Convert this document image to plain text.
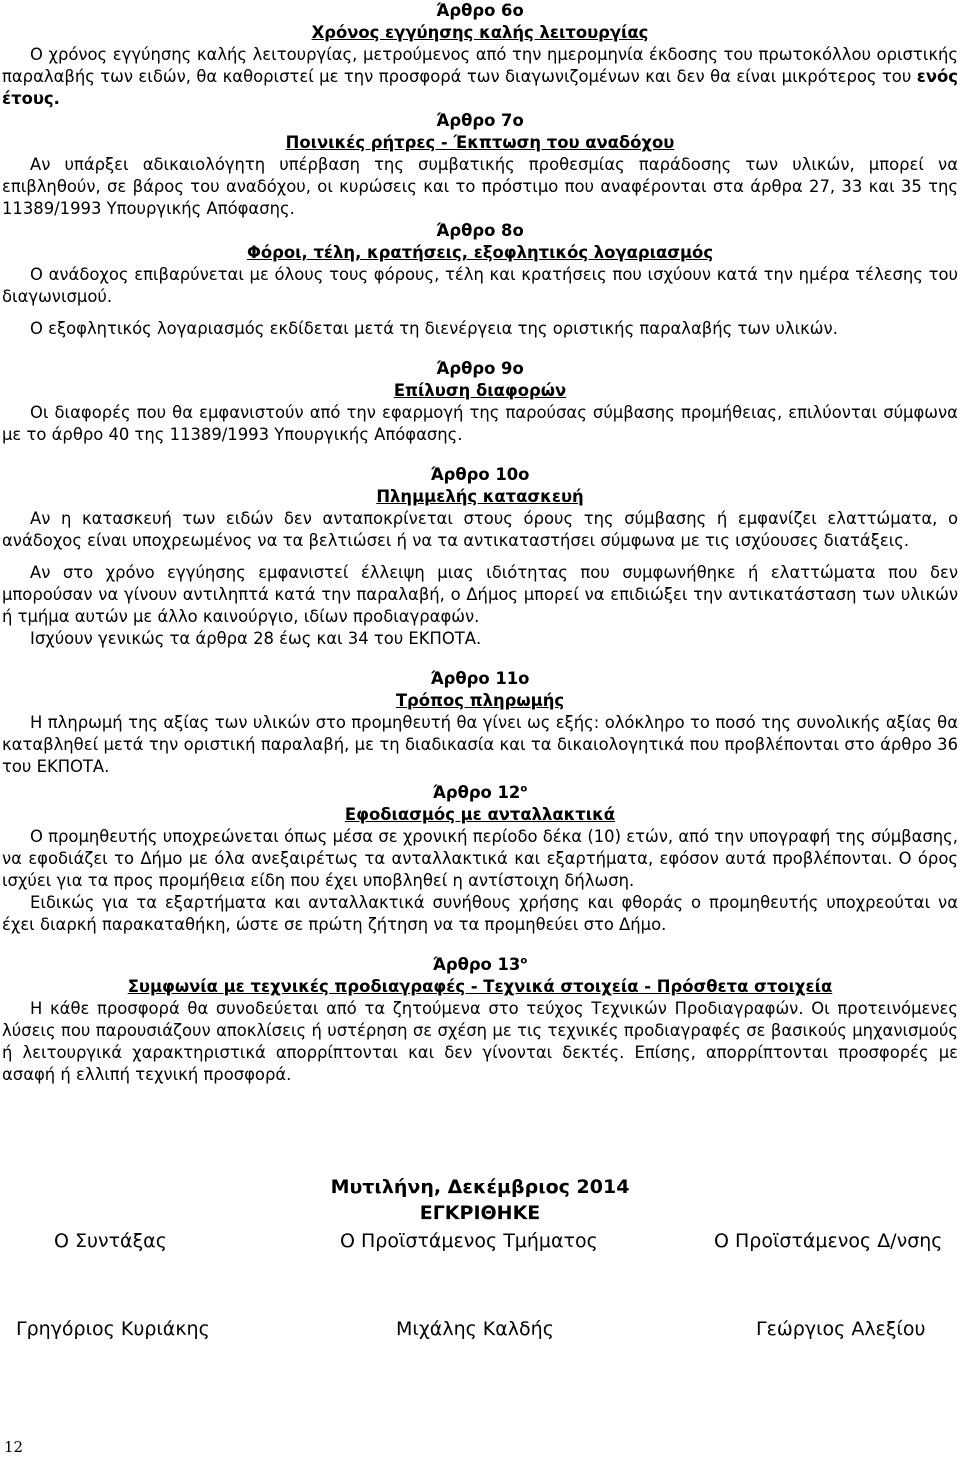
Άρθρο 6ο

Χρόνος εγγύησης καλής λειτουργίας

Ο χρόνος εγγύησης καλής λειτουργίας, μετρούμενος από την ημερομηνία έκδοσης του πρωτοκόλλου οριστικής παραλαβής των ειδών, θα καθοριστεί με την προσφορά των διαγωνιζομένων και δεν θα είναι μικρότερος του ενός έτους.

Άρθρο 7ο

Ποινικές ρήτρες - Έκπτωση του αναδόχου

Αν υπάρξει αδικαιολόγητη υπέρβαση της συμβατικής προθεσμίας παράδοσης των υλικών, μπορεί να επιβληθούν, σε βάρος του αναδόχου, οι κυρώσεις και το πρόστιμο που αναφέρονται στα άρθρα 27, 33 και 35 της 11389/1993 Υπουργικής Απόφασης.

Άρθρο 8ο

Φόροι, τέλη, κρατήσεις, εξοφλητικός λογαριασμός

Ο ανάδοχος επιβαρύνεται με όλους τους φόρους, τέλη και κρατήσεις που ισχύουν κατά την ημέρα τέλεσης του διαγωνισμού.

Ο εξοφλητικός λογαριασμός εκδίδεται μετά τη διενέργεια της οριστικής παραλαβής των υλικών.

Άρθρο 9ο

Επίλυση διαφορών

Οι διαφορές που θα εμφανιστούν από την εφαρμογή της παρούσας σύμβασης προμήθειας, επιλύονται σύμφωνα με το άρθρο 40 της 11389/1993 Υπουργικής Απόφασης.

Άρθρο 10ο

Πλημμελής κατασκευή

Αν η κατασκευή των ειδών δεν ανταποκρίνεται στους όρους της σύμβασης ή εμφανίζει ελαττώματα, ο ανάδοχος είναι υποχρεωμένος να τα βελτιώσει ή να τα αντικαταστήσει σύμφωνα με τις ισχύουσες διατάξεις.

Αν στο χρόνο εγγύησης εμφανιστεί έλλειψη μιας ιδιότητας που συμφωνήθηκε ή ελαττώματα που δεν μπορούσαν να γίνουν αντιληπτά κατά την παραλαβή, ο Δήμος μπορεί να επιδιώξει την αντικατάσταση των υλικών ή τμήμα αυτών με άλλο καινούργιο, ιδίων προδιαγραφών.

Ισχύουν γενικώς τα άρθρα 28 έως και 34 του ΕΚΠΟΤΑ.

Άρθρο 11ο

Τρόπος πληρωμής

Η πληρωμή της αξίας των υλικών στο προμηθευτή θα γίνει ως εξής: ολόκληρο το ποσό της συνολικής αξίας θα καταβληθεί μετά την οριστική παραλαβή, με τη διαδικασία και τα δικαιολογητικά που προβλέπονται στο άρθρο 36 του ΕΚΠΟΤΑ.

Άρθρο $12^o$

Εφοδιασμός με ανταλλακτικά

Ο προμηθευτής υποχρεώνεται όπως μέσα σε χρονική περίοδο δέκα (10) ετών, από την υπογραφή της σύμβασης, να εφοδιάζει το Δήμο με όλα ανεξαιρέτως τα ανταλλακτικά και εξαρτήματα, εφόσον αυτά προβλέπονται. Ο όρος ισχύει για τα προς προμήθεια είδη που έχει υποβληθεί η αντίστοιχη δήλωση.

Ειδικώς για τα εξαρτήματα και ανταλλακτικά συνήθους χρήσης και φθοράς ο προμηθευτής υποχρεούται να έχει διαρκή παρακαταθήκη, ώστε σε πρώτη ζήτηση να τα προμηθεύει στο Δήμο.

Άρθρο $13^o$

Συμφωνία με τεχνικές προδιαγραφές - Τεχνικά στοιχεία - Πρόσθετα στοιχεία

Η κάθε προσφορά θα συνοδεύεται από τα ζητούμενα στο τεύχος Τεχνικών Προδιαγραφών. Οι προτεινόμενες λύσεις που παρουσιάζουν αποκλίσεις ή υστέρηση σε σχέση με τις τεχνικές προδιαγραφές σε βασικούς μηχανισμούς ή λειτουργικά χαρακτηριστικά απορρίπτονται και δεν γίνονται δεκτές. Επίσης, απορρίπτονται προσφορές με ασαφή ή ελλιπή τεχνική προσφορά.

Μυτιλήνη, Δεκέμβριος 2014
ΕΓΚΡΙΘΗΚΕ
Ο Συντάξας	Ο Προϊστάμενος Τμήματος	Ο Προϊστάμενος Δ/νσης
Γρηγόριος Κυριάκης	Μιχάλης Καλδής	Γεώργιος Αλεξίου
12
